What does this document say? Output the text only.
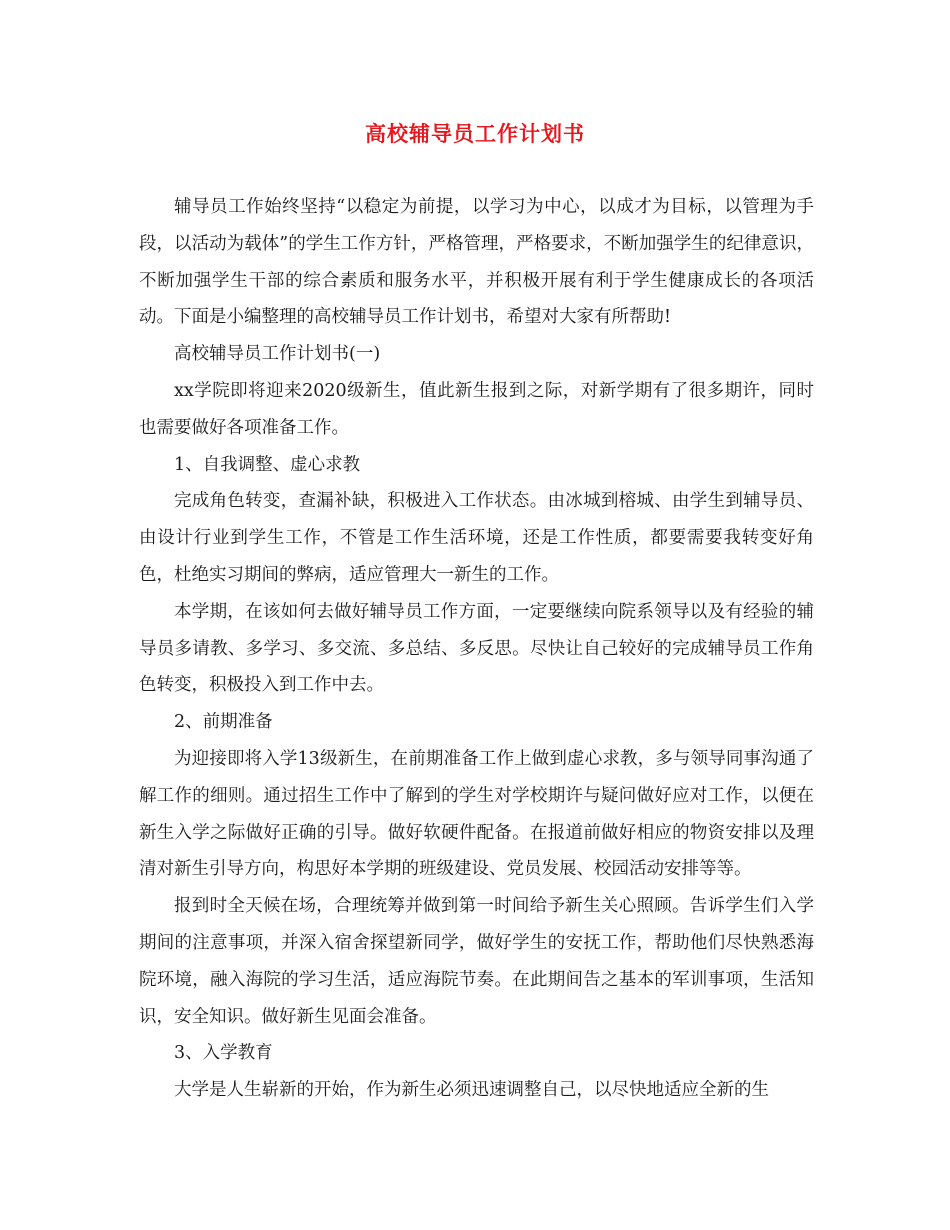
高校辅导员工作计划书

辅导员工作始终坚持“以稳定为前提，以学习为中心，以成才为目标，以管理为手段，以活动为载体”的学生工作方针，严格管理，严格要求，不断加强学生的纪律意识，不断加强学生干部的综合素质和服务水平，并积极开展有利于学生健康成长的各项活动。下面是小编整理的高校辅导员工作计划书，希望对大家有所帮助!

高校辅导员工作计划书(一)

xx学院即将迎来2020级新生，值此新生报到之际，对新学期有了很多期许，同时也需要做好各项准备工作。

1、自我调整、虚心求教

完成角色转变，查漏补缺，积极进入工作状态。由冰城到榕城、由学生到辅导员、由设计行业到学生工作，不管是工作生活环境，还是工作性质，都要需要我转变好角色，杜绝实习期间的弊病，适应管理大一新生的工作。

本学期，在该如何去做好辅导员工作方面，一定要继续向院系领导以及有经验的辅导员多请教、多学习、多交流、多总结、多反思。尽快让自己较好的完成辅导员工作角色转变，积极投入到工作中去。

2、前期准备

为迎接即将入学13级新生，在前期准备工作上做到虚心求教，多与领导同事沟通了解工作的细则。通过招生工作中了解到的学生对学校期许与疑问做好应对工作，以便在新生入学之际做好正确的引导。做好软硬件配备。在报道前做好相应的物资安排以及理清对新生引导方向，构思好本学期的班级建设、党员发展、校园活动安排等等。

报到时全天候在场，合理统筹并做到第一时间给予新生关心照顾。告诉学生们入学期间的注意事项，并深入宿舍探望新同学，做好学生的安抚工作，帮助他们尽快熟悉海院环境，融入海院的学习生活，适应海院节奏。在此期间告之基本的军训事项，生活知识，安全知识。做好新生见面会准备。

3、入学教育

大学是人生崭新的开始，作为新生必须迅速调整自己，以尽快地适应全新的生
